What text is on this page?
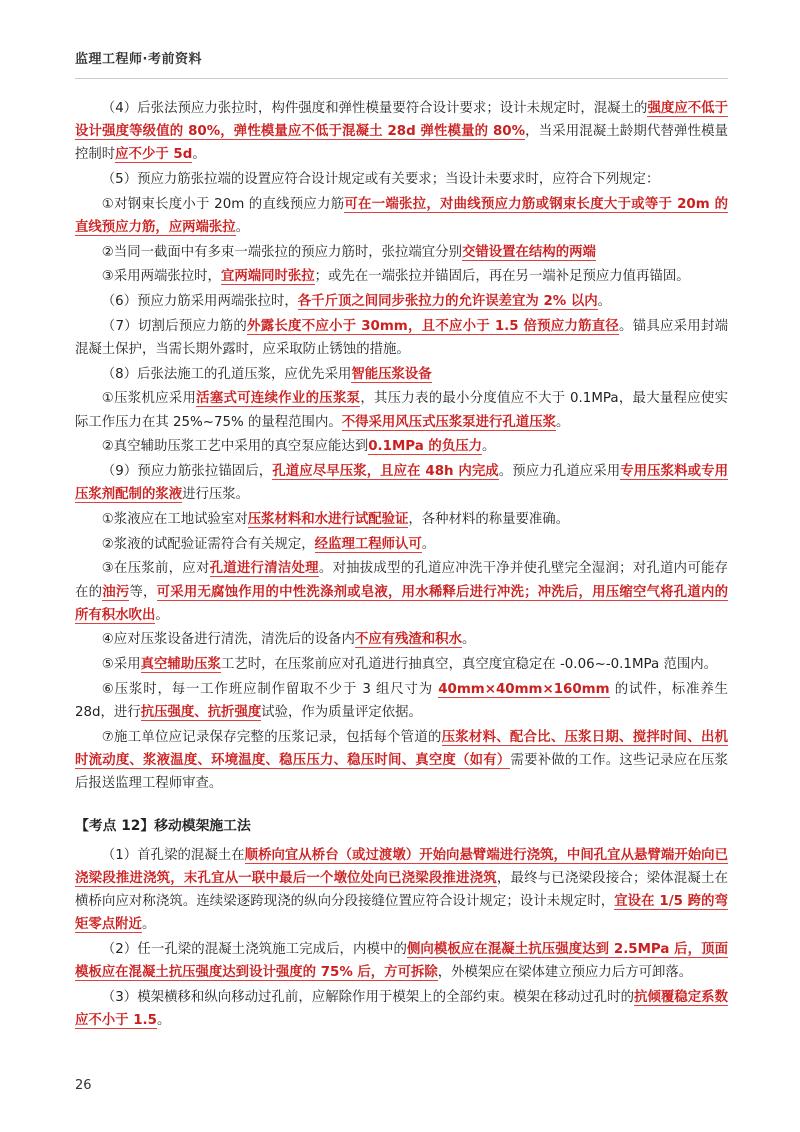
监理工程师·考前资料

（4）后张法预应力张拉时，构件强度和弹性模量要符合设计要求；设计未规定时，混凝土的强度应不低于设计强度等级值的 80%，弹性模量应不低于混凝土 28d 弹性模量的 80%，当采用混凝土龄期代替弹性模量控制时应不少于 5d。

（5）预应力筋张拉端的设置应符合设计规定或有关要求；当设计未要求时，应符合下列规定：

①对钢束长度小于 20m 的直线预应力筋可在一端张拉，对曲线预应力筋或钢束长度大于或等于 20m 的直线预应力筋，应两端张拉。

②当同一截面中有多束一端张拉的预应力筋时，张拉端宜分别交错设置在结构的两端

③采用两端张拉时，宜两端同时张拉；或先在一端张拉并锚固后，再在另一端补足预应力值再锚固。

（6）预应力筋采用两端张拉时，各千斤顶之间同步张拉力的允许误差宜为 2% 以内。

（7）切割后预应力筋的外露长度不应小于 30mm，且不应小于 1.5 倍预应力筋直径。锚具应采用封端混凝土保护，当需长期外露时，应采取防止锈蚀的措施。

（8）后张法施工的孔道压浆，应优先采用智能压浆设备

①压浆机应采用活塞式可连续作业的压浆泵，其压力表的最小分度值应不大于 0.1MPa，最大量程应使实际工作压力在其 25%~75% 的量程范围内。不得采用风压式压浆泵进行孔道压浆。

②真空辅助压浆工艺中采用的真空泵应能达到0.1MPa 的负压力。

（9）预应力筋张拉锚固后，孔道应尽早压浆，且应在 48h 内完成。预应力孔道应采用专用压浆料或专用压浆剂配制的浆液进行压浆。

①浆液应在工地试验室对压浆材料和水进行试配验证，各种材料的称量要准确。

②浆液的试配验证需符合有关规定，经监理工程师认可。

③在压浆前，应对孔道进行清洁处理。对抽拔成型的孔道应冲洗干净并使孔壁完全湿润；对孔道内可能存在的油污等，可采用无腐蚀作用的中性洗涤剂或皂液，用水稀释后进行冲洗；冲洗后，用压缩空气将孔道内的所有积水吹出。

④应对压浆设备进行清洗，清洗后的设备内不应有残渣和积水。

⑤采用真空辅助压浆工艺时，在压浆前应对孔道进行抽真空，真空度宜稳定在 -0.06~-0.1MPa 范围内。

⑥压浆时，每一工作班应制作留取不少于 3 组尺寸为 40mm×40mm×160mm 的试件，标准养生 28d，进行抗压强度、抗折强度试验，作为质量评定依据。

⑦施工单位应记录保存完整的压浆记录，包括每个管道的压浆材料、配合比、压浆日期、搅拌时间、出机时流动度、浆液温度、环境温度、稳压压力、稳压时间、真空度（如有）需要补做的工作。这些记录应在压浆后报送监理工程师审查。

【考点 12】移动模架施工法

（1）首孔梁的混凝土在顺桥向宜从桥台（或过渡墩）开始向悬臂端进行浇筑，中间孔宜从悬臂端开始向已浇梁段推进浇筑，末孔宜从一联中最后一个墩位处向已浇梁段推进浇筑，最终与已浇梁段接合；梁体混凝土在横桥向应对称浇筑。连续梁逐跨现浇的纵向分段接缝位置应符合设计规定；设计未规定时，宜设在 1/5 跨的弯矩零点附近。

（2）任一孔梁的混凝土浇筑施工完成后，内模中的侧向模板应在混凝土抗压强度达到 2.5MPa 后，顶面模板应在混凝土抗压强度达到设计强度的 75% 后，方可拆除，外模架应在梁体建立预应力后方可卸落。

（3）模架横移和纵向移动过孔前，应解除作用于模架上的全部约束。模架在移动过孔时的抗倾覆稳定系数应不小于 1.5。

26
